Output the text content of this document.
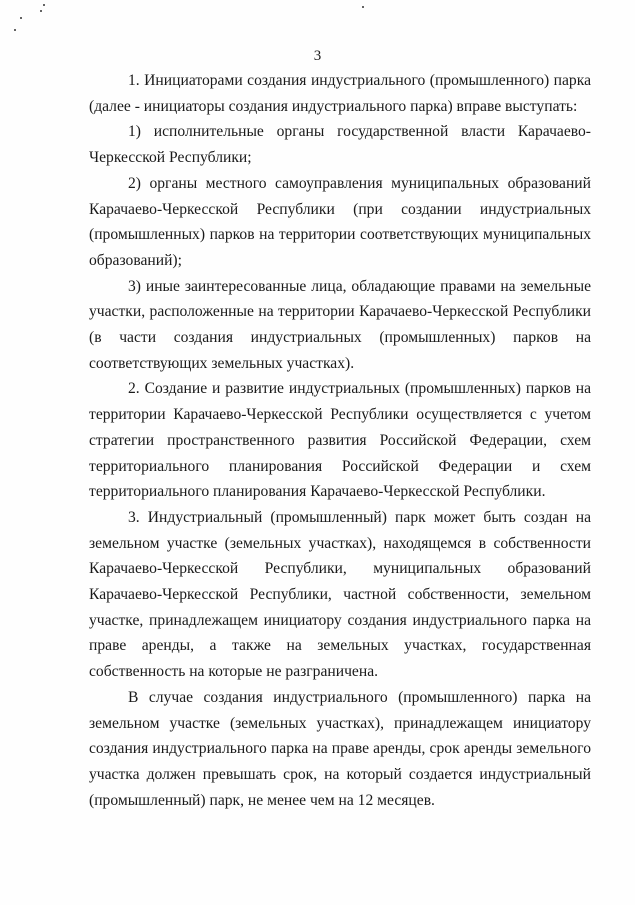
3

1. Инициаторами создания индустриального (промышленного) парка
(далее - инициаторы создания индустриального парка) вправе выступать:

1) исполнительные органы государственной власти Карачаево-
Черкесской Республики;

2) органы местного самоуправления муниципальных образований
Карачаево-Черкесской Республики (при создании индустриальных
(промышленных) парков на территории соответствующих муниципальных
образований);

3) иные заинтересованные лица, обладающие правами на земельные
участки, расположенные на территории Карачаево-Черкесской Республики
(в части создания индустриальных (промышленных) парков на
соответствующих земельных участках).

2. Создание и развитие индустриальных (промышленных) парков на
территории Карачаево-Черкесской Республики осуществляется с учетом
стратегии пространственного развития Российской Федерации, схем
территориального планирования Российской Федерации и схем
территориального планирования Карачаево-Черкесской Республики.

3. Индустриальный (промышленный) парк может быть создан на
земельном участке (земельных участках), находящемся в собственности
Карачаево-Черкесской Республики, муниципальных образований
Карачаево-Черкесской Республики, частной собственности, земельном
участке, принадлежащем инициатору создания индустриального парка на
праве аренды, а также на земельных участках, государственная
собственность на которые не разграничена.

В случае создания индустриального (промышленного) парка на
земельном участке (земельных участках), принадлежащем инициатору
создания индустриального парка на праве аренды, срок аренды земельного
участка должен превышать срок, на который создается индустриальный
(промышленный) парк, не менее чем на 12 месяцев.
